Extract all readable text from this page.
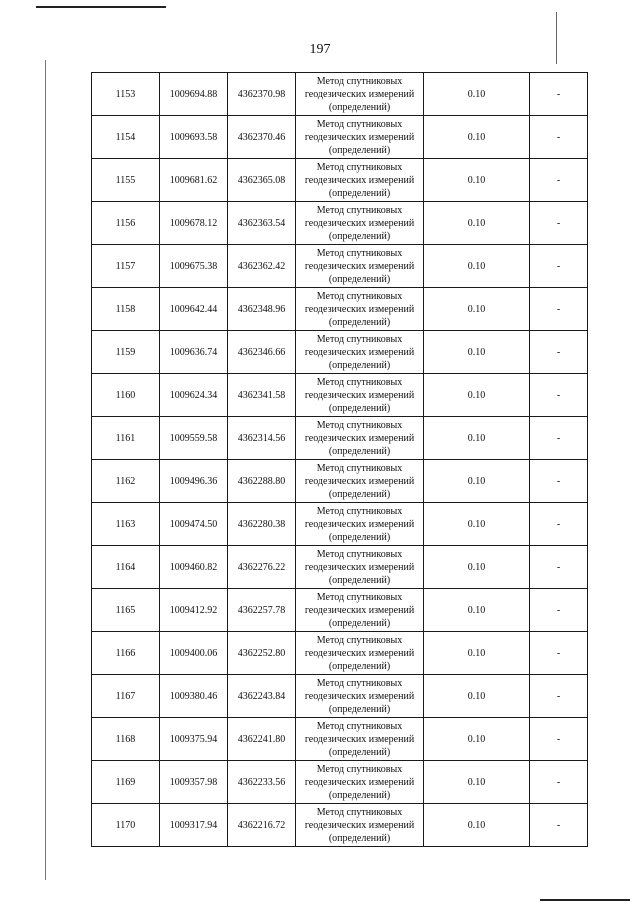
197
1153	1009694.88	4362370.98	Метод спутниковых
геодезических измерений
(определений)	0.10	-
1154	1009693.58	4362370.46	Метод спутниковых
геодезических измерений
(определений)	0.10	-
1155	1009681.62	4362365.08	Метод спутниковых
геодезических измерений
(определений)	0.10	-
1156	1009678.12	4362363.54	Метод спутниковых
геодезических измерений
(определений)	0.10	-
1157	1009675.38	4362362.42	Метод спутниковых
геодезических измерений
(определений)	0.10	-
1158	1009642.44	4362348.96	Метод спутниковых
геодезических измерений
(определений)	0.10	-
1159	1009636.74	4362346.66	Метод спутниковых
геодезических измерений
(определений)	0.10	-
1160	1009624.34	4362341.58	Метод спутниковых
геодезических измерений
(определений)	0.10	-
1161	1009559.58	4362314.56	Метод спутниковых
геодезических измерений
(определений)	0.10	-
1162	1009496.36	4362288.80	Метод спутниковых
геодезических измерений
(определений)	0.10	-
1163	1009474.50	4362280.38	Метод спутниковых
геодезических измерений
(определений)	0.10	-
1164	1009460.82	4362276.22	Метод спутниковых
геодезических измерений
(определений)	0.10	-
1165	1009412.92	4362257.78	Метод спутниковых
геодезических измерений
(определений)	0.10	-
1166	1009400.06	4362252.80	Метод спутниковых
геодезических измерений
(определений)	0.10	-
1167	1009380.46	4362243.84	Метод спутниковых
геодезических измерений
(определений)	0.10	-
1168	1009375.94	4362241.80	Метод спутниковых
геодезических измерений
(определений)	0.10	-
1169	1009357.98	4362233.56	Метод спутниковых
геодезических измерений
(определений)	0.10	-
1170	1009317.94	4362216.72	Метод спутниковых
геодезических измерений
(определений)	0.10	-
